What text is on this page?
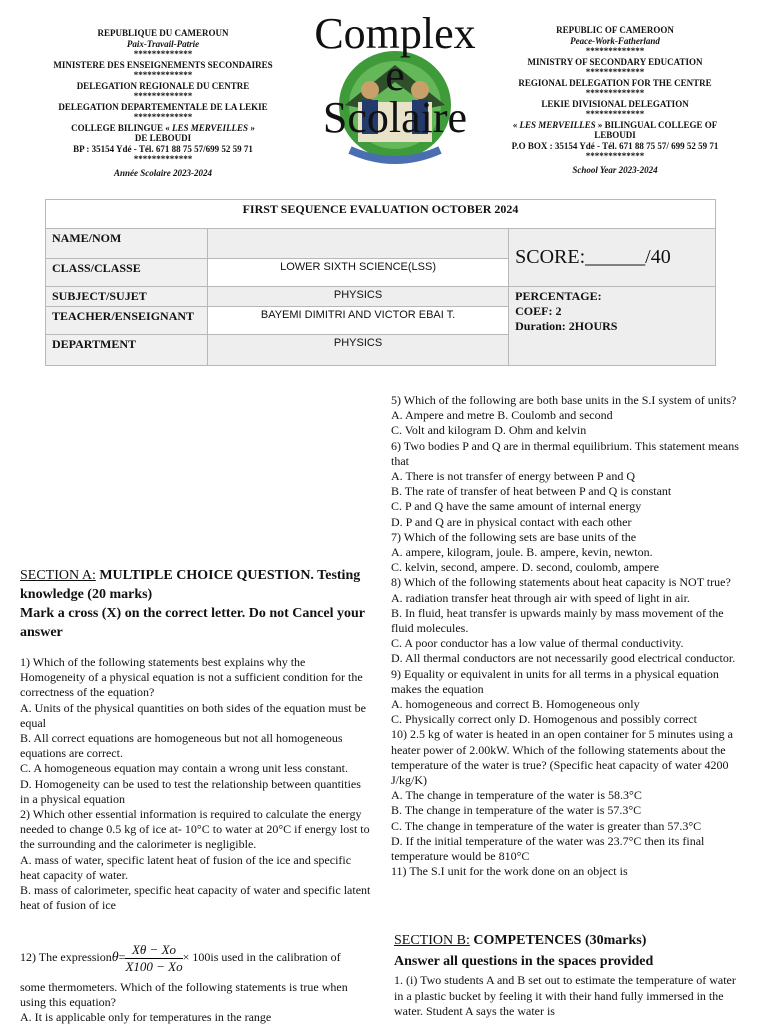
REPUBLIQUE DU CAMEROUN
Paix-Travail-Patrie
*************
MINISTERE DES ENSEIGNEMENTS SECONDAIRES
*************
DELEGATION REGIONALE DU CENTRE
*************
DELEGATION DEPARTEMENTALE DE LA LEKIE
*************
COLLEGE BILINGUE « LES MERVEILLES » DE LEBOUDI
BP : 35154 Ydé - Tél. 671 88 75 57/699 52 59 71
*************
Année Scolaire 2023-2024
Complex
e
Scolaire
REPUBLIC OF CAMEROON
Peace-Work-Fatherland
*************
MINISTRY OF SECONDARY EDUCATION
*************
REGIONAL DELEGATION FOR THE CENTRE
*************
LEKIE DIVISIONAL DELEGATION
*************
« LES MERVEILLES » BILINGUAL COLLEGE OF LEBOUDI
P.O BOX : 35154 Ydé - Tél. 671 88 75 57/ 699 52 59 71
*************
School Year 2023-2024
FIRST SEQUENCE EVALUATION OCTOBER 2024		
NAME/NOM		SCORE:______/40
CLASS/CLASSE	LOWER SIXTH SCIENCE(LSS)	
SUBJECT/SUJET	PHYSICS	PERCENTAGE:
COEF: 2
Duration: 2HOURS

TEACHER/ENSEIGNANT	BAYEMI DIMITRI AND VICTOR EBAI T.	
DEPARTMENT	PHYSICS	
SECTION A: MULTIPLE CHOICE QUESTION. Testing knowledge (20 marks)
Mark a cross (X) on the correct letter. Do not Cancel your answer

1) Which of the following statements best explains why the Homogeneity of a physical equation is not a sufficient condition for the correctness of the equation?

A. Units of the physical quantities on both sides of the equation must be equal

B. All correct equations are homogeneous but not all homogeneous equations are correct.

C. A homogeneous equation may contain a wrong unit less constant.

D. Homogeneity can be used to test the relationship between quantities in a physical equation

2) Which other essential information is required to calculate the energy needed to change 0.5 kg of ice at- 10°C to water at 20°C if energy lost to the surrounding and the calorimeter is negligible.

A. mass of water, specific latent heat of fusion of the ice and specific heat capacity of water.

B. mass of calorimeter, specific heat capacity of water and specific latent heat of fusion of ice

12) The expression $\theta = \frac{X\theta - Xo}{X100 - Xo} \times 100$ is used in the calibration of

some thermometers. Which of the following statements is true when using this equation?

A. It is applicable only for temperatures in the range

5) Which of the following are both base units in the S.I system of units?

A. Ampere and metre B. Coulomb and second

C. Volt and kilogram D. Ohm and kelvin

6) Two bodies P and Q are in thermal equilibrium. This statement means that

A. There is not transfer of energy between P and Q

B. The rate of transfer of heat between P and Q is constant

C. P and Q have the same amount of internal energy

D. P and Q are in physical contact with each other

7) Which of the following sets are base units of the

A. ampere, kilogram, joule. B. ampere, kevin, newton.

C. kelvin, second, ampere. D. second, coulomb, ampere

8) Which of the following statements about heat capacity is NOT true?

A. radiation transfer heat through air with speed of light in air.

B. In fluid, heat transfer is upwards mainly by mass movement of the fluid molecules.

C. A poor conductor has a low value of thermal conductivity.

D. All thermal conductors are not necessarily good electrical conductor.

9) Equality or equivalent in units for all terms in a physical equation makes the equation

A. homogeneous and correct B. Homogeneous only

C. Physically correct only D. Homogenous and possibly correct

10) 2.5 kg of water is heated in an open container for 5 minutes using a heater power of 2.00kW. Which of the following statements about the temperature of the water is true? (Specific heat capacity of water 4200 J/kg/K)

A. The change in temperature of the water is 58.3°C

B. The change in temperature of the water is 57.3°C

C. The change in temperature of the water is greater than 57.3°C

D. If the initial temperature of the water was 23.7°C then its final temperature would be 810°C

11) The S.I unit for the work done on an object is

SECTION B: COMPETENCES (30marks)
Answer all questions in the spaces provided
1. (i) Two students A and B set out to estimate the temperature of water in a plastic bucket by feeling it with their hand fully immersed in the water. Student A says the water is
